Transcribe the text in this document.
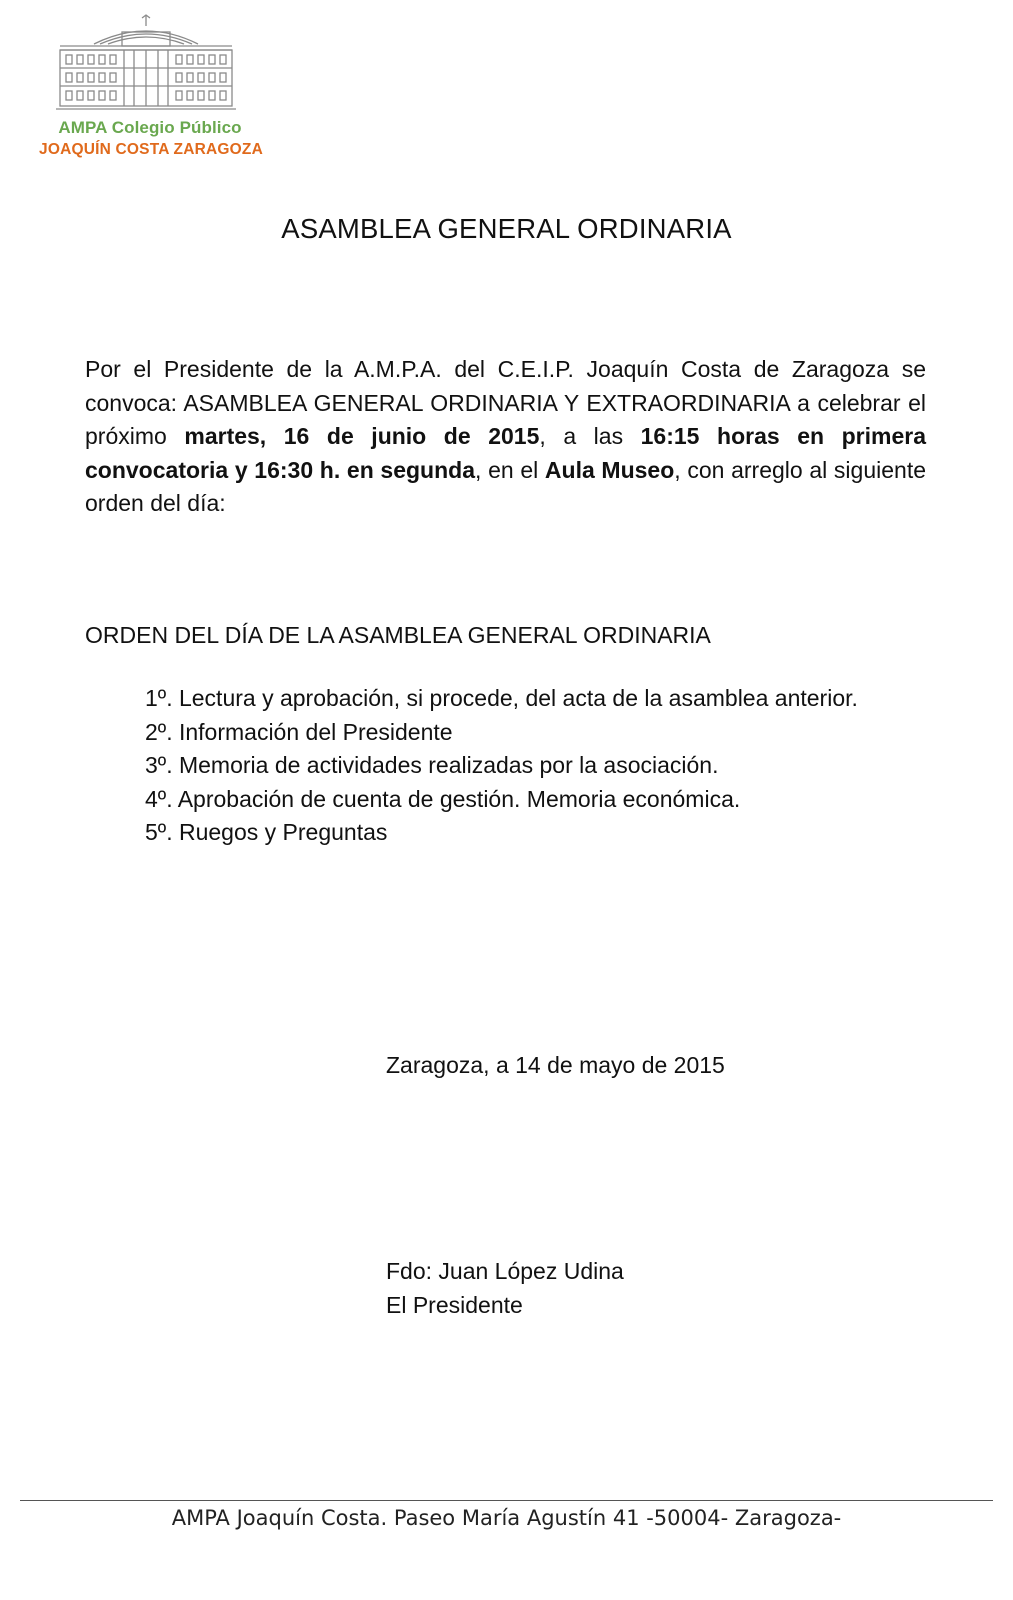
AMPA Colegio Público
JOAQUÍN COSTA ZARAGOZA
ASAMBLEA GENERAL ORDINARIA
Por el Presidente de la A.M.P.A. del C.E.I.P. Joaquín Costa de Zaragoza se convoca: ASAMBLEA GENERAL ORDINARIA Y EXTRAORDINARIA a celebrar el próximo martes, 16 de junio de 2015, a las 16:15 horas en primera convocatoria y 16:30 h. en segunda, en el Aula Museo, con arreglo al siguiente orden del día:
ORDEN DEL DÍA DE LA ASAMBLEA GENERAL ORDINARIA
1º. Lectura y aprobación, si procede, del acta de la asamblea anterior.
2º. Información del Presidente
3º. Memoria de actividades realizadas por la asociación.
4º. Aprobación de cuenta de gestión. Memoria económica.
5º. Ruegos y Preguntas
Zaragoza, a 14 de mayo de 2015
Fdo: Juan López Udina
El Presidente
AMPA Joaquín Costa. Paseo María Agustín 41 -50004- Zaragoza-
